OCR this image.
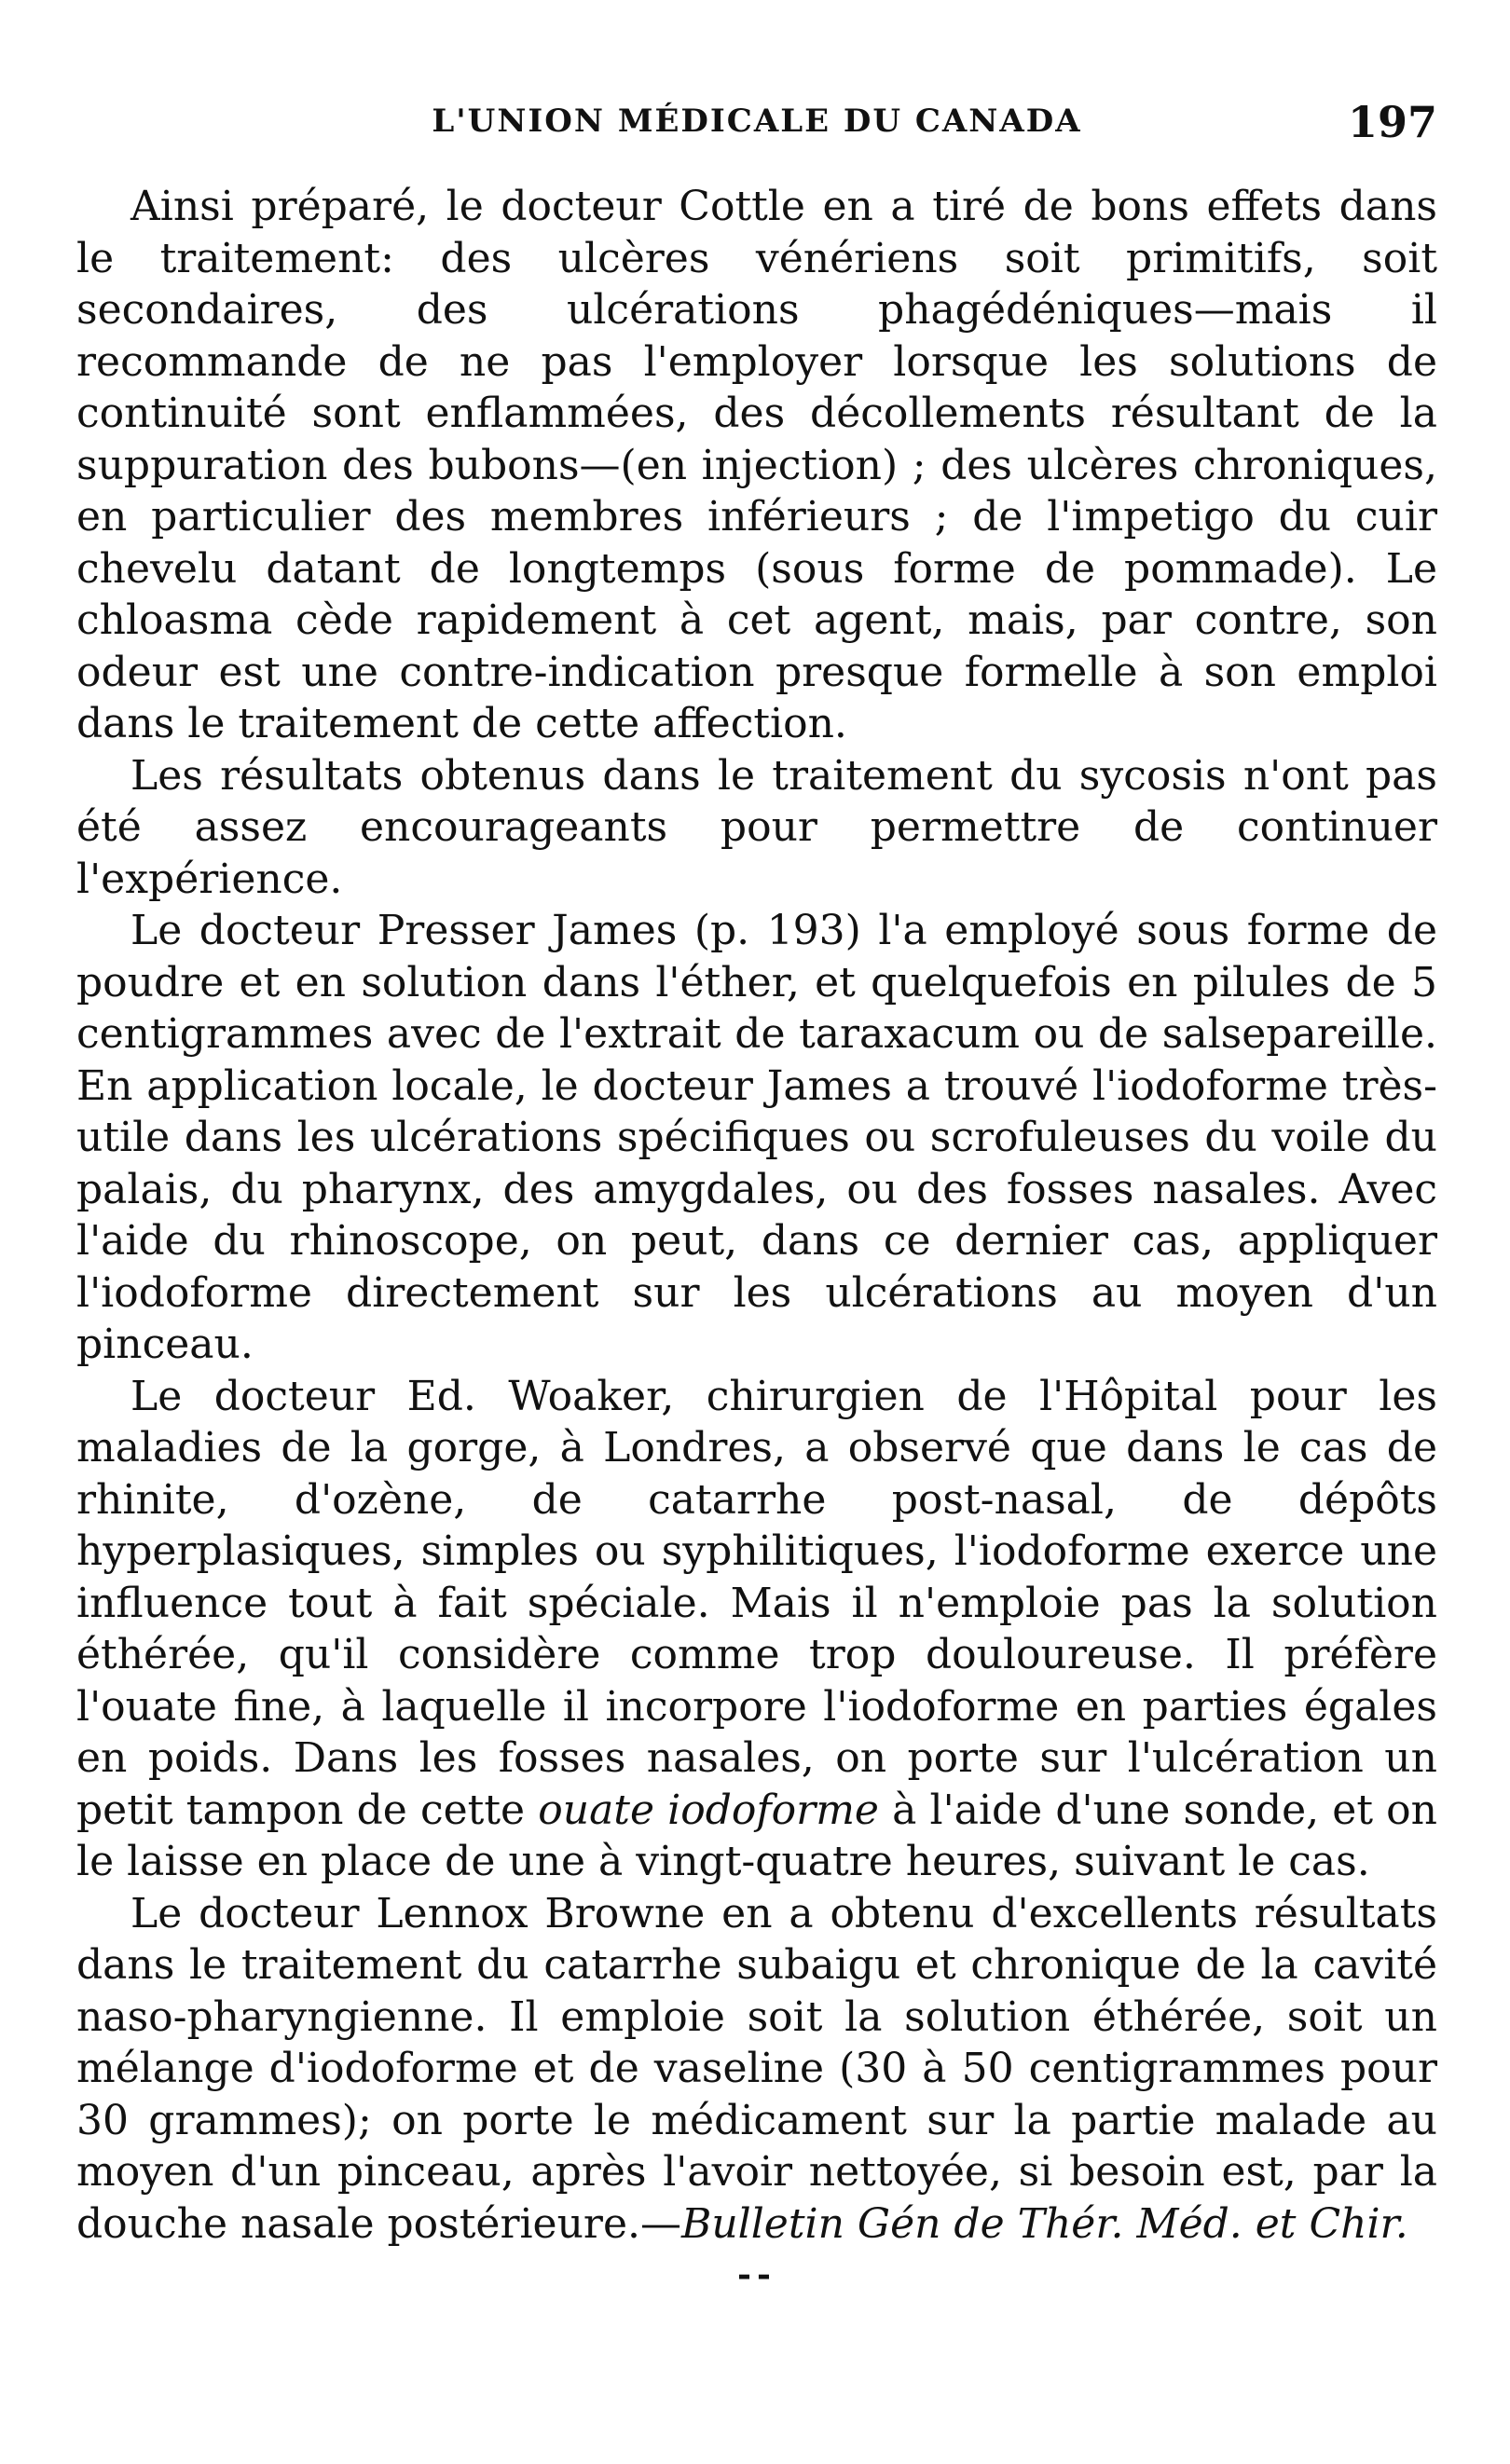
L'UNION MÉDICALE DU CANADA	197

Ainsi préparé, le docteur Cottle en a tiré de bons effets dans le traitement: des ulcères vénériens soit primitifs, soit secondaires, des ulcérations phagédéniques—mais il recommande de ne pas l'employer lorsque les solutions de continuité sont enflammées, des décollements résultant de la suppuration des bubons—(en injection) ; des ulcères chroniques, en particulier des membres inférieurs ; de l'impetigo du cuir chevelu datant de longtemps (sous forme de pommade). Le chloasma cède rapidement à cet agent, mais, par contre, son odeur est une contre-indication presque formelle à son emploi dans le traitement de cette affection.

Les résultats obtenus dans le traitement du sycosis n'ont pas été assez encourageants pour permettre de continuer l'expérience.

Le docteur Presser James (p. 193) l'a employé sous forme de poudre et en solution dans l'éther, et quelquefois en pilules de 5 centigrammes avec de l'extrait de taraxacum ou de salsepareille. En application locale, le docteur James a trouvé l'iodoforme très-utile dans les ulcérations spécifiques ou scrofuleuses du voile du palais, du pharynx, des amygdales, ou des fosses nasales. Avec l'aide du rhinoscope, on peut, dans ce dernier cas, appliquer l'iodoforme directement sur les ulcérations au moyen d'un pinceau.

Le docteur Ed. Woaker, chirurgien de l'Hôpital pour les maladies de la gorge, à Londres, a observé que dans le cas de rhinite, d'ozène, de catarrhe post-nasal, de dépôts hyperplasiques, simples ou syphilitiques, l'iodoforme exerce une influence tout à fait spéciale. Mais il n'emploie pas la solution éthérée, qu'il considère comme trop douloureuse. Il préfère l'ouate fine, à laquelle il incorpore l'iodoforme en parties égales en poids. Dans les fosses nasales, on porte sur l'ulcération un petit tampon de cette ouate iodoforme à l'aide d'une sonde, et on le laisse en place de une à vingt-quatre heures, suivant le cas.

Le docteur Lennox Browne en a obtenu d'excellents résultats dans le traitement du catarrhe subaigu et chronique de la cavité naso-pharyngienne. Il emploie soit la solution éthérée, soit un mélange d'iodoforme et de vaseline (30 à 50 centigrammes pour 30 grammes); on porte le médicament sur la partie malade au moyen d'un pinceau, après l'avoir nettoyée, si besoin est, par la douche nasale postérieure.—Bulletin Gén de Thér. Méd. et Chir.

--
